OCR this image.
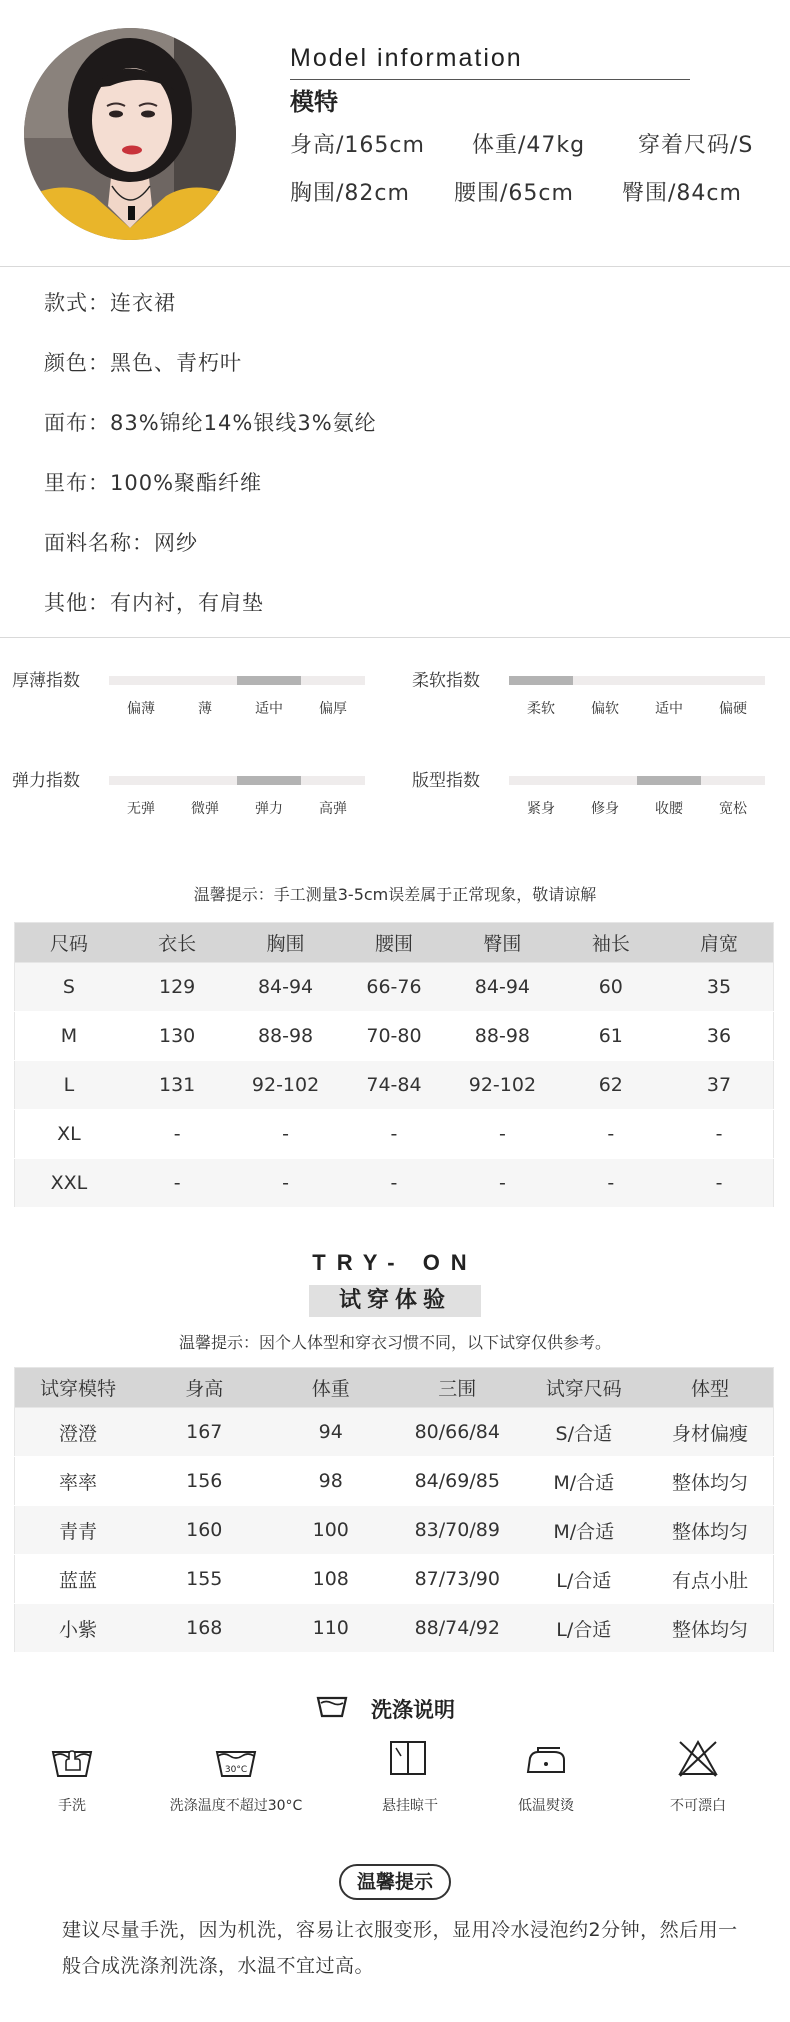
Model information
模特
身高/165cm 体重/47kg 穿着尺码/S
胸围/82cm 腰围/65cm 臀围/84cm
款式：连衣裙
颜色：黑色、青朽叶
面布：83%锦纶14%银线3%氨纶
里布：100%聚酯纤维
面料名称：网纱
其他：有内衬，有肩垫
厚薄指数
偏薄	薄	适中	偏厚
柔软指数
柔软	偏软	适中	偏硬
弹力指数
无弹	微弹	弹力	高弹
版型指数
紧身	修身	收腰	宽松
温馨提示：手工测量3-5cm误差属于正常现象，敬请谅解
尺码	衣长	胸围	腰围	臀围	袖长	肩宽
S	129	84-94	66-76	84-94	60	35
M	130	88-98	70-80	88-98	61	36
L	131	92-102	74-84	92-102	62	37
XL	-	-	-	-	-	-
XXL	-	-	-	-	-	-
TRY- ON
试穿体验
温馨提示：因个人体型和穿衣习惯不同，以下试穿仅供参考。
试穿模特	身高	体重	三围	试穿尺码	体型
澄澄	167	94	80/66/84	S/合适	身材偏瘦
率率	156	98	84/69/85	M/合适	整体均匀
青青	160	100	83/70/89	M/合适	整体均匀
蓝蓝	155	108	87/73/90	L/合适	有点小肚
小紫	168	110	88/74/92	L/合适	整体均匀
洗涤说明
30°C
手洗	洗涤温度不超过30°C	悬挂晾干	低温熨烫	不可漂白
温馨提示
建议尽量手洗，因为机洗，容易让衣服变形，显用冷水浸泡约2分钟，然后用一般合成洗涤剂洗涤，水温不宜过高。
